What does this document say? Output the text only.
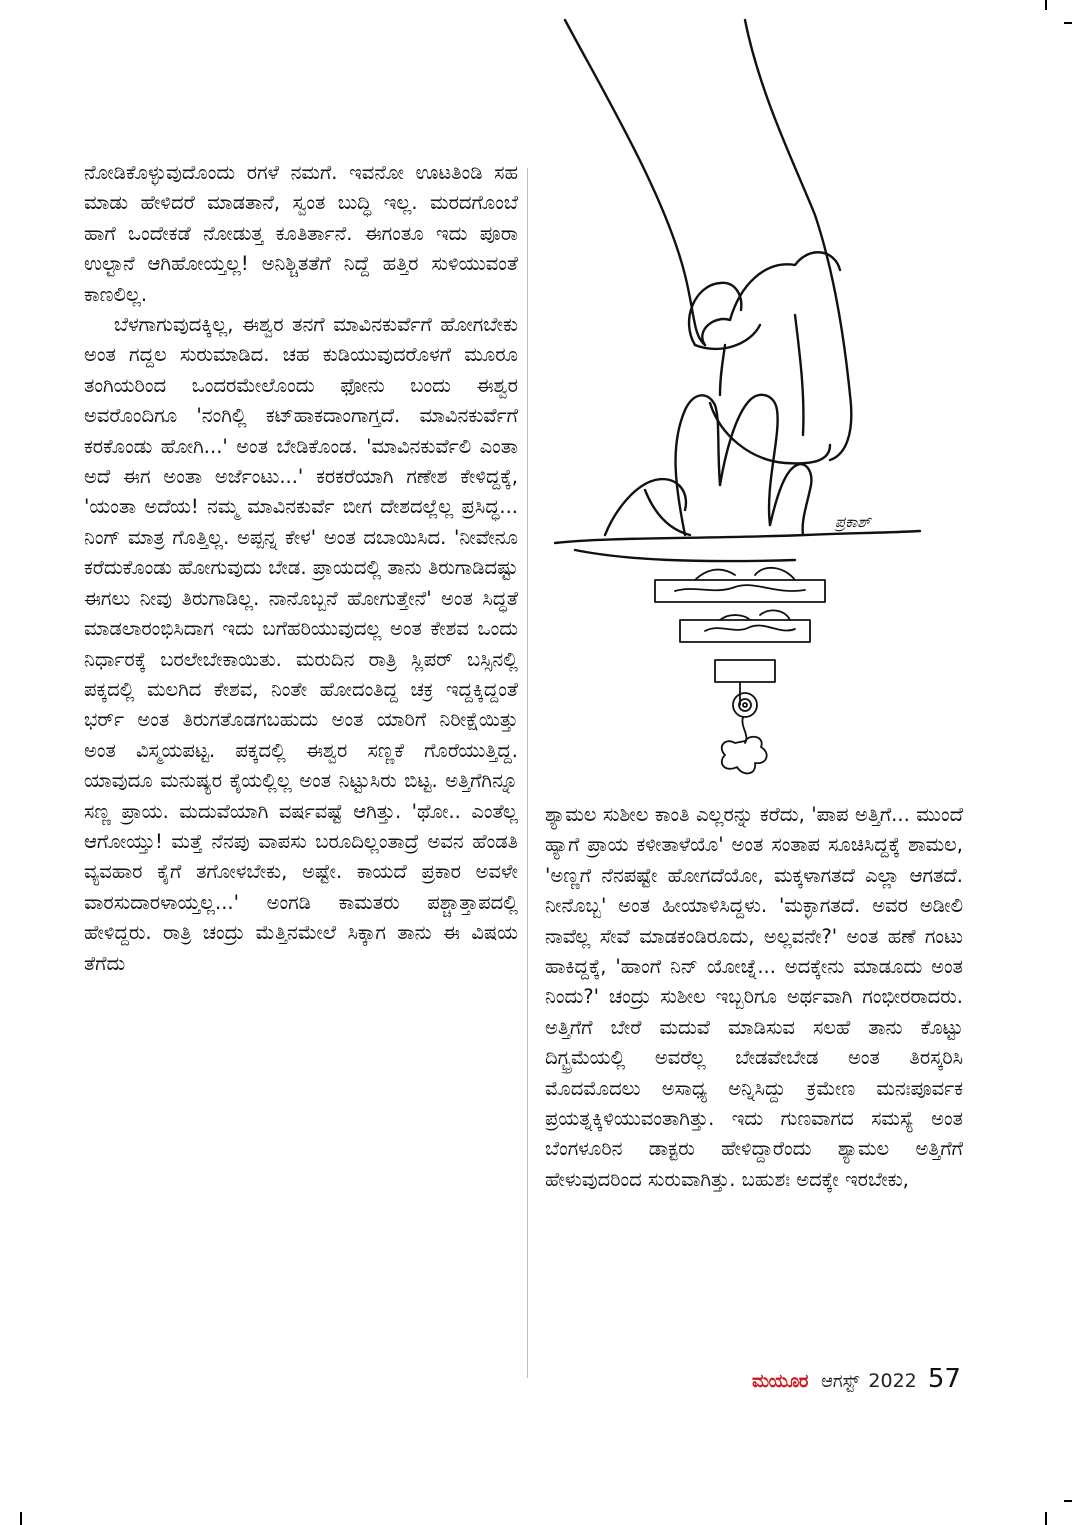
ನೋಡಿಕೊಳ್ಳುವುದೊಂದು ರಗಳೆ ನಮಗೆ. ಇವನೋ ಊಟತಿಂಡಿ ಸಹ ಮಾಡು ಹೇಳಿದರೆ ಮಾಡತಾನೆ, ಸ್ವಂತ ಬುದ್ಧಿ ಇಲ್ಲ. ಮರದಗೊಂಬೆ ಹಾಗೆ ಒಂದೇಕಡೆ ನೋಡುತ್ತ ಕೂತಿರ್ತಾನೆ. ಈಗಂತೂ ಇದು ಪೂರಾ ಉಲ್ಟಾನೆ ಆಗಿಹೋಯ್ತಲ್ಲ! ಅನಿಶ್ಚಿತತೆಗೆ ನಿದ್ದೆ ಹತ್ತಿರ ಸುಳಿಯುವಂತೆ ಕಾಣಲಿಲ್ಲ.

ಬೆಳಗಾಗುವುದಕ್ಕಿಲ್ಲ, ಈಶ್ವರ ತನಗೆ ಮಾವಿನಕುರ್ವೆಗೆ ಹೋಗಬೇಕು ಅಂತ ಗದ್ದಲ ಸುರುಮಾಡಿದ. ಚಹ ಕುಡಿಯುವುದರೊಳಗೆ ಮೂರೂ ತಂಗಿಯರಿಂದ ಒಂದರಮೇಲೊಂದು ಫೋನು ಬಂದು ಈಶ್ವರ ಅವರೊಂದಿಗೂ 'ನಂಗಿಲ್ಲಿ ಕಟ್‌ಹಾಕದಾಂಗಾಗ್ತದೆ. ಮಾವಿನಕುರ್ವೆಗೆ ಕರಕೊಂಡು ಹೋಗಿ...' ಅಂತ ಬೇಡಿಕೊಂಡ. 'ಮಾವಿನಕುರ್ವೆಲಿ ಎಂತಾ ಅದೆ ಈಗ ಅಂತಾ ಅರ್ಜೆಂಟು...' ಕರಕರೆಯಾಗಿ ಗಣೇಶ ಕೇಳಿದ್ದಕ್ಕೆ, 'ಯಂತಾ ಅದೆಯ! ನಮ್ಮ ಮಾವಿನಕುರ್ವೆ ಬೀಗ ದೇಶದಲ್ಲೆಲ್ಲ ಪ್ರಸಿದ್ಧ... ನಿಂಗ್ ಮಾತ್ರ ಗೊತ್ತಿಲ್ಲ. ಅಪ್ಪನ್ನ ಕೇಳ' ಅಂತ ದಬಾಯಿಸಿದ. 'ನೀವೇನೂ ಕರೆದುಕೊಂಡು ಹೋಗುವುದು ಬೇಡ. ಪ್ರಾಯದಲ್ಲಿ ತಾನು ತಿರುಗಾಡಿದಷ್ಟು ಈಗಲು ನೀವು ತಿರುಗಾಡಿಲ್ಲ. ನಾನೊಬ್ಬನೆ ಹೋಗುತ್ತೇನೆ' ಅಂತ ಸಿದ್ಧತೆ ಮಾಡಲಾರಂಭಿಸಿದಾಗ ಇದು ಬಗೆಹರಿಯುವುದಲ್ಲ ಅಂತ ಕೇಶವ ಒಂದು ನಿರ್ಧಾರಕ್ಕೆ ಬರಲೇಬೇಕಾಯಿತು. ಮರುದಿನ ರಾತ್ರಿ ಸ್ಲಿಪರ್ ಬಸ್ಸಿನಲ್ಲಿ ಪಕ್ಕದಲ್ಲಿ ಮಲಗಿದ ಕೇಶವ, ನಿಂತೇ ಹೋದಂತಿದ್ದ ಚಕ್ರ ಇದ್ದಕ್ಕಿದ್ದಂತೆ ಭರ್ರ್ ಅಂತ ತಿರುಗತೊಡಗಬಹುದು ಅಂತ ಯಾರಿಗೆ ನಿರೀಕ್ಷೆಯಿತ್ತು ಅಂತ ವಿಸ್ಮಯಪಟ್ಟ. ಪಕ್ಕದಲ್ಲಿ ಈಶ್ವರ ಸಣ್ಣಕೆ ಗೊರೆಯುತ್ತಿದ್ದ. ಯಾವುದೂ ಮನುಷ್ಯರ ಕೈಯಲ್ಲಿಲ್ಲ ಅಂತ ನಿಟ್ಟುಸಿರು ಬಿಟ್ಟ. ಅತ್ತಿಗೆಗಿನ್ನೂ ಸಣ್ಣ ಪ್ರಾಯ. ಮದುವೆಯಾಗಿ ವರ್ಷವಷ್ಟೆ ಆಗಿತ್ತು. 'ಥೋ.. ಎಂತೆಲ್ಲ ಆಗೋಯ್ತು! ಮತ್ತೆ ನೆನಪು ವಾಪಸು ಬರೂದಿಲ್ಲಂತಾದ್ರೆ ಅವನ ಹೆಂಡತಿ ವ್ಯವಹಾರ ಕೈಗೆ ತಗೋಳಬೇಕು, ಅಷ್ಟೇ. ಕಾಯದೆ ಪ್ರಕಾರ ಅವಳೇ ವಾರಸುದಾರಳಾಯ್ತಲ್ಲ...' ಅಂಗಡಿ ಕಾಮತರು ಪಶ್ಚಾತ್ತಾಪದಲ್ಲಿ ಹೇಳಿದ್ದರು. ರಾತ್ರಿ ಚಂದ್ರು ಮೆತ್ತಿನಮೇಲೆ ಸಿಕ್ಕಾಗ ತಾನು ಈ ವಿಷಯ ತೆಗೆದು

ಪ್ರಕಾಶ್

ಶ್ಯಾಮಲ ಸುಶೀಲ ಕಾಂತಿ ಎಲ್ಲರನ್ನು ಕರೆದು, 'ಪಾಪ ಅತ್ತಿಗೆ... ಮುಂದೆ ಹ್ಯಾಗೆ ಪ್ರಾಯ ಕಳೀತಾಳೆಯೊ' ಅಂತ ಸಂತಾಪ ಸೂಚಿಸಿದ್ದಕ್ಕೆ ಶಾಮಲ, 'ಅಣ್ಣಗೆ ನೆನಪಷ್ಟೇ ಹೋಗದೆಯೋ, ಮಕ್ಕಳಾಗತದೆ ಎಲ್ಲಾ ಆಗತದೆ. ನೀನೊಬ್ಬ' ಅಂತ ಹೀಯಾಳಿಸಿದ್ದಳು. 'ಮಕ್ಳಾಗತದೆ. ಅವರ ಅಡೀಲಿ ನಾವೆಲ್ಲ ಸೇವೆ ಮಾಡಕಂಡಿರೂದು, ಅಲ್ಲವನೇ?' ಅಂತ ಹಣೆ ಗಂಟು ಹಾಕಿದ್ದಕ್ಕೆ, 'ಹಾಂಗೆ ನಿನ್ ಯೋಚ್ನೆ... ಅದಕ್ಕೇನು ಮಾಡೂದು ಅಂತ ನಿಂದು?' ಚಂದ್ರು ಸುಶೀಲ ಇಬ್ಬರಿಗೂ ಅರ್ಥವಾಗಿ ಗಂಭೀರರಾದರು. ಅತ್ತಿಗೆಗೆ ಬೇರೆ ಮದುವೆ ಮಾಡಿಸುವ ಸಲಹೆ ತಾನು ಕೊಟ್ಟು ದಿಗ್ಭ್ರಮೆಯಲ್ಲಿ ಅವರೆಲ್ಲ ಬೇಡವೇಬೇಡ ಅಂತ ತಿರಸ್ಕರಿಸಿ ಮೊದಮೊದಲು ಅಸಾಧ್ಯ ಅನ್ನಿಸಿದ್ದು ಕ್ರಮೇಣ ಮನಃಪೂರ್ವಕ ಪ್ರಯತ್ನಕ್ಕಿಳಿಯುವಂತಾಗಿತ್ತು. ಇದು ಗುಣವಾಗದ ಸಮಸ್ಯೆ ಅಂತ ಬೆಂಗಳೂರಿನ ಡಾಕ್ಟರು ಹೇಳಿದ್ದಾರೆಂದು ಶ್ಯಾಮಲ ಅತ್ತಿಗೆಗೆ ಹೇಳುವುದರಿಂದ ಸುರುವಾಗಿತ್ತು. ಬಹುಶಃ ಅದಕ್ಕೇ ಇರಬೇಕು,

ಮಯೂರ ಆಗಸ್ಟ್ 2022 57
